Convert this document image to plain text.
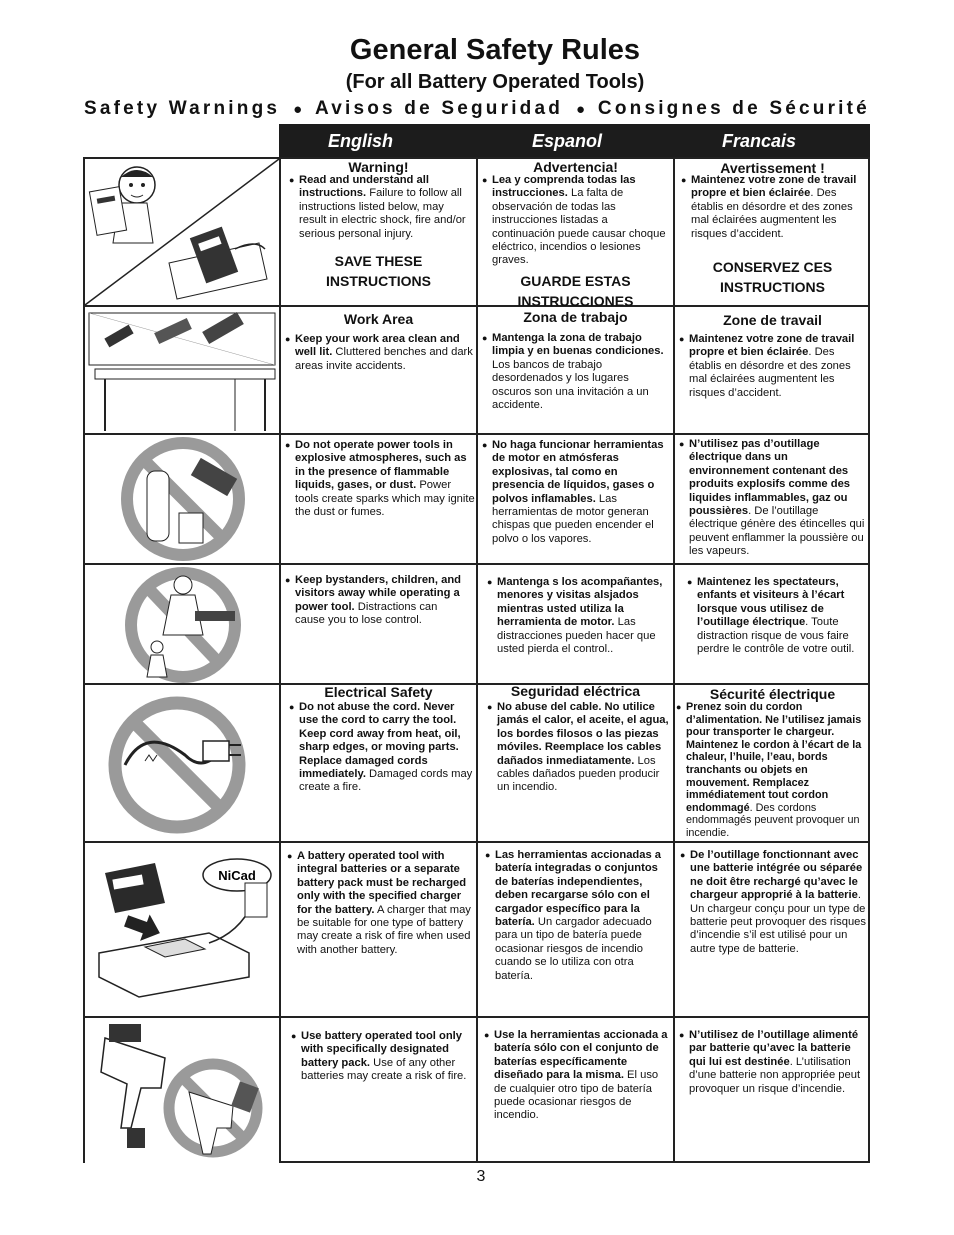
General Safety Rules
(For all Battery Operated Tools)
Safety Warnings ● Avisos de Seguridad ● Consignes de Sécurité
English	Espanol	Francais
Warning!
● Read and understand all instructions. Failure to follow all instructions listed below, may result in electric shock, fire and/or serious personal injury.
SAVE THESE INSTRUCTIONS
Advertencia!
● Lea y comprenda todas las instrucciones. La falta de observación de todas las instrucciones listadas a continuación puede causar choque eléctrico, incendios o lesiones graves.
GUARDE ESTAS INSTRUCCIONES
Avertissement !
● Maintenez votre zone de travail propre et bien éclairée. Des établis en désordre et des zones mal éclairées augmentent les risques d’accident.
CONSERVEZ CES INSTRUCTIONS
Work Area
● Keep your work area clean and well lit. Cluttered benches and dark areas invite accidents.
Zona de trabajo
● Mantenga la zona de trabajo limpia y en buenas condiciones. Los bancos de trabajo desordenados y los lugares oscuros son una invitación a un accidente.
Zone de travail
● Maintenez votre zone de travail propre et bien éclairée. Des établis en désordre et des zones mal éclairées augmentent les risques d’accident.
● Do not operate power tools in explosive atmospheres, such as in the presence of flammable liquids, gases, or dust. Power tools create sparks which may ignite the dust or fumes.
● No haga funcionar herramientas de motor en atmósferas explosivas, tal como en presencia de líquidos, gases o polvos inflamables. Las herramientas de motor generan chispas que pueden encender el polvo o los vapores.
● N’utilisez pas d’outillage électrique dans un environnement contenant des produits explosifs comme des liquides inflammables, gaz ou poussières. De l’outillage électrique génère des étincelles qui peuvent enflammer la poussière ou les vapeurs.
● Keep bystanders, children, and visitors away while operating a power tool. Distractions can cause you to lose control.
● Mantenga s los acompañantes, menores y visitas alsjados mientras usted utiliza la herramienta de motor. Las distracciones pueden hacer que usted pierda el control..
● Maintenez les spectateurs, enfants et visiteurs à l’écart lorsque vous utilisez de l’outillage électrique. Toute distraction risque de vous faire perdre le contrôle de votre outil.
Electrical Safety
● Do not abuse the cord. Never use the cord to carry the tool. Keep cord away from heat, oil, sharp edges, or moving parts. Replace damaged cords immediately. Damaged cords may create a fire.
Seguridad eléctrica
● No abuse del cable. No utilice jamás el calor, el aceite, el agua, los bordes filosos o las piezas móviles. Reemplace los cables dañados inmediatamente. Los cables dañados pueden producir un incendio.
Sécurité électrique
● Prenez soin du cordon d’alimentation. Ne l’utilisez jamais pour transporter le chargeur. Maintenez le cordon à l’écart de la chaleur, l’huile, l’eau, bords tranchants ou objets en mouvement. Remplacez immédiatement tout cordon endommagé. Des cordons endommagés peuvent provoquer un incendie.
NiCad
● A battery operated tool with integral batteries or a separate battery pack must be recharged only with the specified charger for the battery. A charger that may be suitable for one type of battery may create a risk of fire when used with another battery.
● Las herramientas accionadas a batería integradas o conjuntos de baterías independientes, deben recargarse sólo con el cargador específico para la batería. Un cargador adecuado para un tipo de batería puede ocasionar riesgos de incendio cuando se lo utiliza con otra batería.
● De l’outillage fonctionnant avec une batterie intégrée ou séparée ne doit être rechargé qu’avec le chargeur approprié à la batterie. Un chargeur conçu pour un type de batterie peut provoquer des risques d’incendie s’il est utilisé pour un autre type de batterie.
● Use battery operated tool only with specifically designated battery pack. Use of any other batteries may create a risk of fire.
● Use la herramientas accionada a batería sólo con el conjunto de baterías específicamente diseñado para la misma. El uso de cualquier otro tipo de batería puede ocasionar riesgos de incendio.
● N’utilisez de l’outillage alimenté par batterie qu’avec la batterie qui lui est destinée. L’utilisation d’une batterie non appropriée peut provoquer un risque d’incendie.
3
